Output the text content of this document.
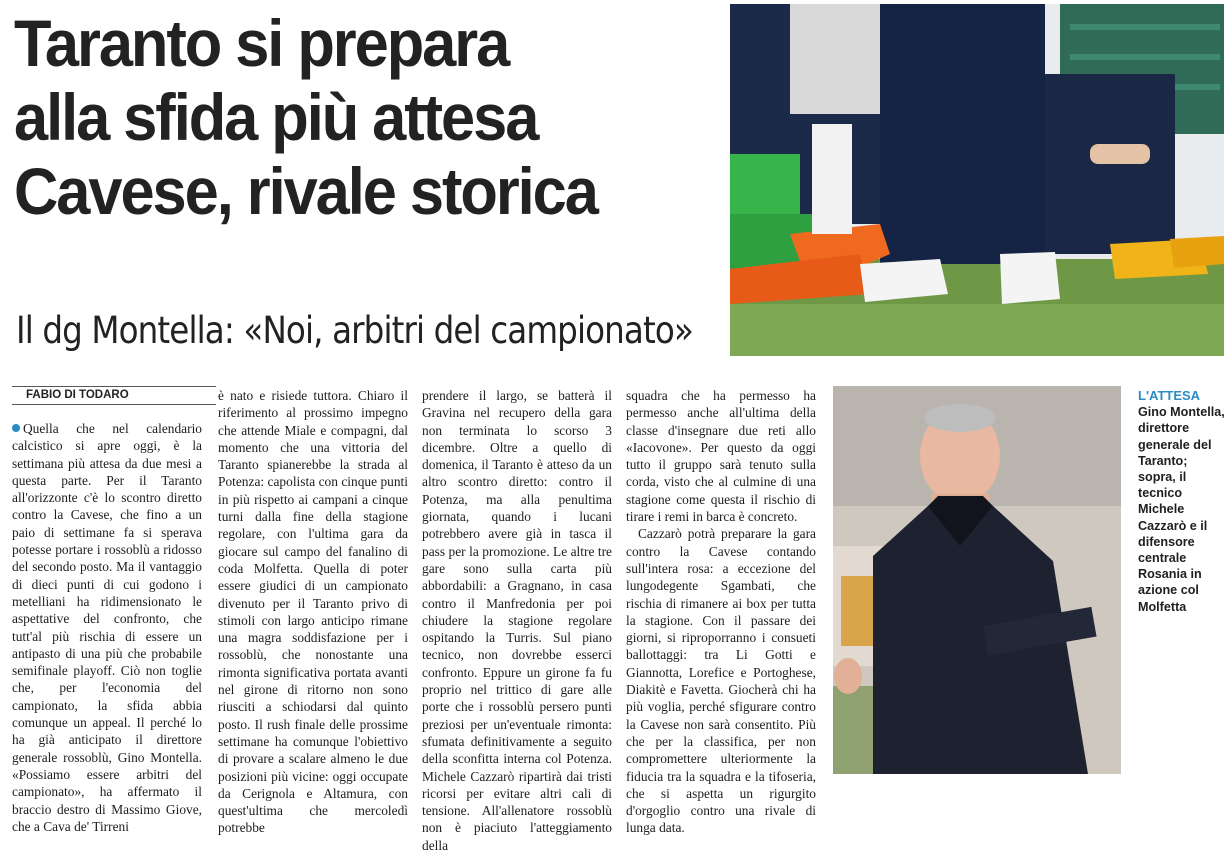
Taranto si prepara
alla sfida più attesa
Cavese, rivale storica
Il dg Montella: «Noi, arbitri del campionato»
FABIO DI TODARO

Quella che nel calendario calcistico si apre oggi, è la settimana più attesa da due mesi a questa parte. Per il Taranto all'orizzonte c'è lo scontro diretto contro la Cavese, che fino a un paio di settimane fa si sperava potesse portare i rossoblù a ridosso del secondo posto. Ma il vantaggio di dieci punti di cui godono i metelliani ha ridimensionato le aspettative del confronto, che tutt'al più rischia di essere un antipasto di una più che probabile semifinale playoff. Ciò non toglie che, per l'economia del campionato, la sfida abbia comunque un appeal. Il perché lo ha già anticipato il direttore generale rossoblù, Gino Montella. «Possiamo essere arbitri del campionato», ha affermato il braccio destro di Massimo Giove, che a Cava de' Tirreni

è nato e risiede tuttora. Chiaro il riferimento al prossimo impegno che attende Miale e compagni, dal momento che una vittoria del Taranto spianerebbe la strada al Potenza: capolista con cinque punti in più rispetto ai campani a cinque turni dalla fine della stagione regolare, con l'ultima gara da giocare sul campo del fanalino di coda Molfetta. Quella di poter essere giudici di un campionato divenuto per il Taranto privo di stimoli con largo anticipo rimane una magra soddisfazione per i rossoblù, che nonostante una rimonta significativa portata avanti nel girone di ritorno non sono riusciti a schiodarsi dal quinto posto. Il rush finale delle prossime settimane ha comunque l'obiettivo di provare a scalare almeno le due posizioni più vicine: oggi occupate da Cerignola e Altamura, con quest'ultima che mercoledì potrebbe

prendere il largo, se batterà il Gravina nel recupero della gara non terminata lo scorso 3 dicembre. Oltre a quello di domenica, il Taranto è atteso da un altro scontro diretto: contro il Potenza, ma alla penultima giornata, quando i lucani potrebbero avere già in tasca il pass per la promozione. Le altre tre gare sono sulla carta più abbordabili: a Gragnano, in casa contro il Manfredonia per poi chiudere la stagione regolare ospitando la Turris. Sul piano tecnico, non dovrebbe esserci confronto. Eppure un girone fa fu proprio nel trittico di gare alle porte che i rossoblù persero punti preziosi per un'eventuale rimonta: sfumata definitivamente a seguito della sconfitta interna col Potenza. Michele Cazzarò ripartirà dai tristi ricorsi per evitare altri cali di tensione. All'allenatore rossoblù non è piaciuto l'atteggiamento della

squadra che ha permesso ha permesso anche all'ultima della classe d'insegnare due reti allo «Iacovone». Per questo da oggi tutto il gruppo sarà tenuto sulla corda, visto che al culmine di una stagione come questa il rischio di tirare i remi in barca è concreto.

Cazzarò potrà preparare la gara contro la Cavese contando sull'intera rosa: a eccezione del lungodegente Sgambati, che rischia di rimanere ai box per tutta la stagione. Con il passare dei giorni, si riproporranno i consueti ballottaggi: tra Li Gotti e Giannotta, Lorefice e Portoghese, Diakitè e Favetta. Giocherà chi ha più voglia, perché sfigurare contro la Cavese non sarà consentito. Più che per la classifica, per non compromettere ulteriormente la fiducia tra la squadra e la tifoseria, che si aspetta un rigurgito d'orgoglio contro una rivale di lunga data.

L'ATTESA
Gino Montella, direttore generale del Taranto; sopra, il tecnico Michele Cazzarò e il difensore centrale Rosania in azione col Molfetta
